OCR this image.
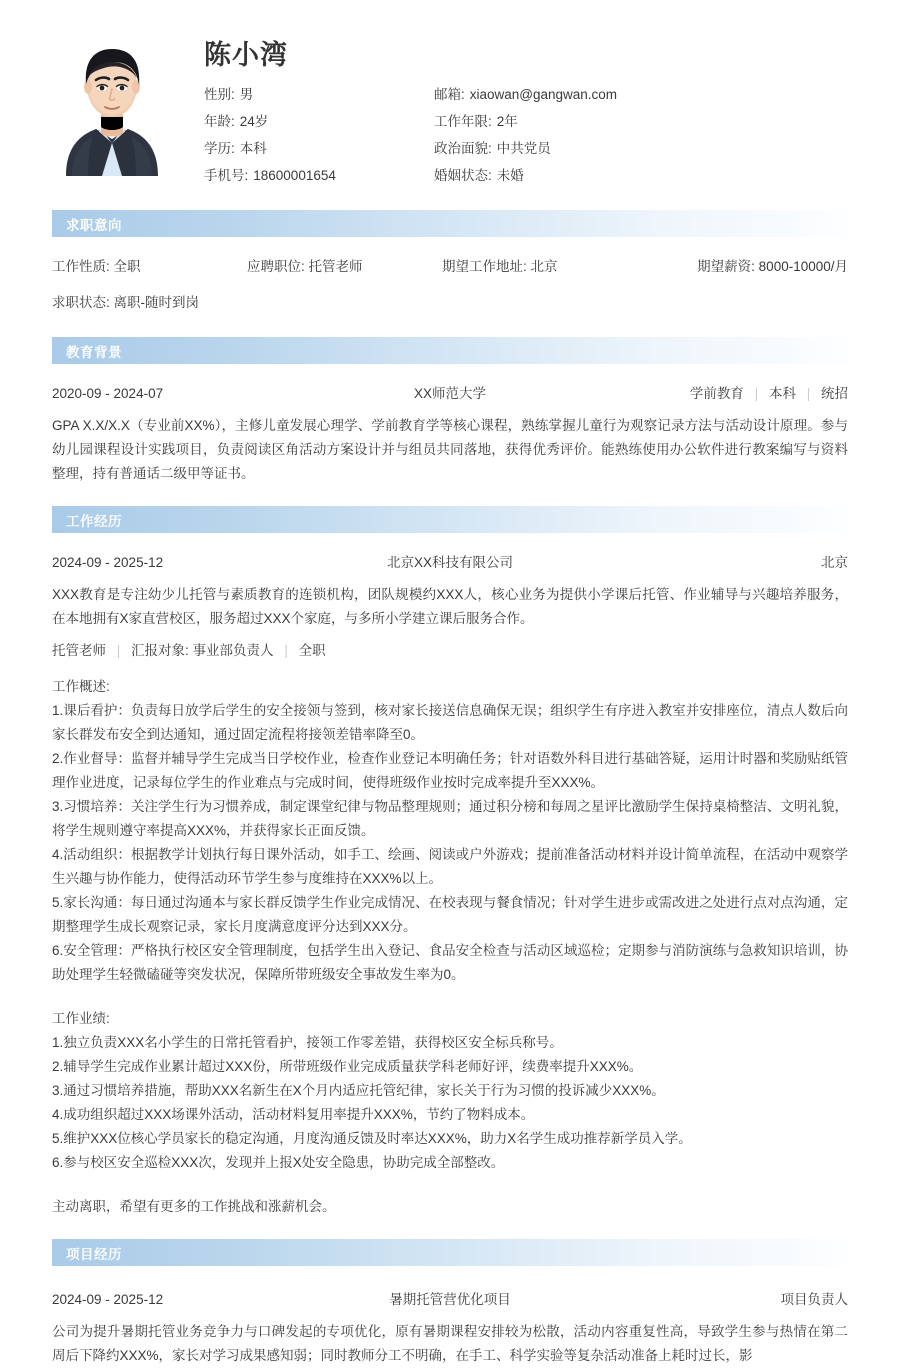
陈小湾
性别: 男	邮箱: xiaowan@gangwan.com
年龄: 24岁	工作年限: 2年
学历: 本科	政治面貌: 中共党员
手机号: 18600001654	婚姻状态: 未婚
求职意向
工作性质: 全职	应聘职位: 托管老师	期望工作地址: 北京	期望薪资: 8000-10000/月
求职状态: 离职-随时到岗
教育背景
2020-09 - 2024-07	XX师范大学	学前教育 | 本科 | 统招
GPA X.X/X.X（专业前XX%），主修儿童发展心理学、学前教育学等核心课程，熟练掌握儿童行为观察记录方法与活动设计原理。参与幼儿园课程设计实践项目，负责阅读区角活动方案设计并与组员共同落地，获得优秀评价。能熟练使用办公软件进行教案编写与资料整理，持有普通话二级甲等证书。
工作经历
2024-09 - 2025-12	北京XX科技有限公司	北京
XXX教育是专注幼少儿托管与素质教育的连锁机构，团队规模约XXX人，核心业务为提供小学课后托管、作业辅导与兴趣培养服务，在本地拥有X家直营校区，服务超过XXX个家庭，与多所小学建立课后服务合作。
托管老师 | 汇报对象: 事业部负责人 | 全职
工作概述:
1.课后看护：负责每日放学后学生的安全接领与签到，核对家长接送信息确保无误；组织学生有序进入教室并安排座位，清点人数后向家长群发布安全到达通知，通过固定流程将接领差错率降至0。
2.作业督导：监督并辅导学生完成当日学校作业，检查作业登记本明确任务；针对语数外科目进行基础答疑，运用计时器和奖励贴纸管理作业进度，记录每位学生的作业难点与完成时间，使得班级作业按时完成率提升至XXX%。
3.习惯培养：关注学生行为习惯养成，制定课堂纪律与物品整理规则；通过积分榜和每周之星评比激励学生保持桌椅整洁、文明礼貌，将学生规则遵守率提高XXX%，并获得家长正面反馈。
4.活动组织：根据教学计划执行每日课外活动，如手工、绘画、阅读或户外游戏；提前准备活动材料并设计简单流程，在活动中观察学生兴趣与协作能力，使得活动环节学生参与度维持在XXX%以上。
5.家长沟通：每日通过沟通本与家长群反馈学生作业完成情况、在校表现与餐食情况；针对学生进步或需改进之处进行点对点沟通，定期整理学生成长观察记录，家长月度满意度评分达到XXX分。
6.安全管理：严格执行校区安全管理制度，包括学生出入登记、食品安全检查与活动区域巡检；定期参与消防演练与急救知识培训，协助处理学生轻微磕碰等突发状况，保障所带班级安全事故发生率为0。
工作业绩:
1.独立负责XXX名小学生的日常托管看护，接领工作零差错，获得校区安全标兵称号。
2.辅导学生完成作业累计超过XXX份，所带班级作业完成质量获学科老师好评，续费率提升XXX%。
3.通过习惯培养措施，帮助XXX名新生在X个月内适应托管纪律，家长关于行为习惯的投诉减少XXX%。
4.成功组织超过XXX场课外活动，活动材料复用率提升XXX%，节约了物料成本。
5.维护XXX位核心学员家长的稳定沟通，月度沟通反馈及时率达XXX%，助力X名学生成功推荐新学员入学。
6.参与校区安全巡检XXX次，发现并上报X处安全隐患，协助完成全部整改。
主动离职，希望有更多的工作挑战和涨薪机会。
项目经历
2024-09 - 2025-12	暑期托管营优化项目	项目负责人
公司为提升暑期托管业务竞争力与口碑发起的专项优化，原有暑期课程安排较为松散，活动内容重复性高，导致学生参与热情在第二周后下降约XXX%，家长对学习成果感知弱；同时教师分工不明确，在手工、科学实验等复杂活动准备上耗时过长，影
